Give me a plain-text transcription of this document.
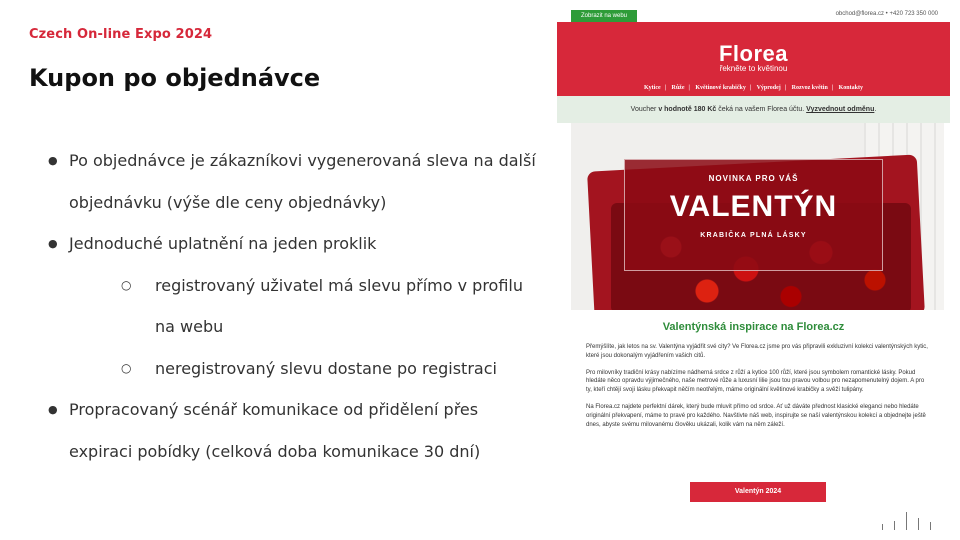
Czech On-line Expo 2024
Kupon po objednávce
● Po objednávce je zákazníkovi vygenerovaná sleva na další objednávku (výše dle ceny objednávky)
● Jednoduché uplatnění na jeden proklik
○ registrovaný uživatel má slevu přímo v profilu na webu
○ neregistrovaný slevu dostane po registraci
● Propracovaný scénář komunikace od přidělení přes expiraci pobídky (celková doba komunikace 30 dní)
Zobrazit na webu	obchod@florea.cz • +420 723 350 000
Florea
řekněte to květinou
Kytice | Růže | Květinové krabičky | Výprodej | Rozvoz květin | Kontakty
Voucher v hodnotě 180 Kč čeká na vašem Florea účtu. Vyzvednout odměnu.
NOVINKA PRO VÁŠ
VALENTÝN
KRABIČKA PLNÁ LÁSKY
Valentýnská inspirace na Florea.cz

Přemýšlíte, jak letos na sv. Valentýna vyjádřit své city? Ve Florea.cz jsme pro vás připravili exkluzivní kolekci valentýnských kytic, které jsou dokonalým vyjádřením vašich citů.

Pro milovníky tradiční krásy nabízíme nádherná srdce z růží a kytice 100 růží, které jsou symbolem romantické lásky. Pokud hledáte něco opravdu výjimečného, naše metrové růže a luxusní lilie jsou tou pravou volbou pro nezapomenutelný dojem. A pro ty, kteří chtějí svoji lásku překvapit něčím neotřelým, máme originální květinové krabičky a svěží tulipány.

Na Florea.cz najdete perfektní dárek, který bude mluvit přímo od srdce. Ať už dáváte přednost klasické eleganci nebo hledáte originální překvapení, máme to pravé pro každého. Navštivte náš web, inspirujte se naší valentýnskou kolekcí a objednejte ještě dnes, abyste svému milovanému člověku ukázali, kolik vám na něm záleží.

Valentýn 2024
